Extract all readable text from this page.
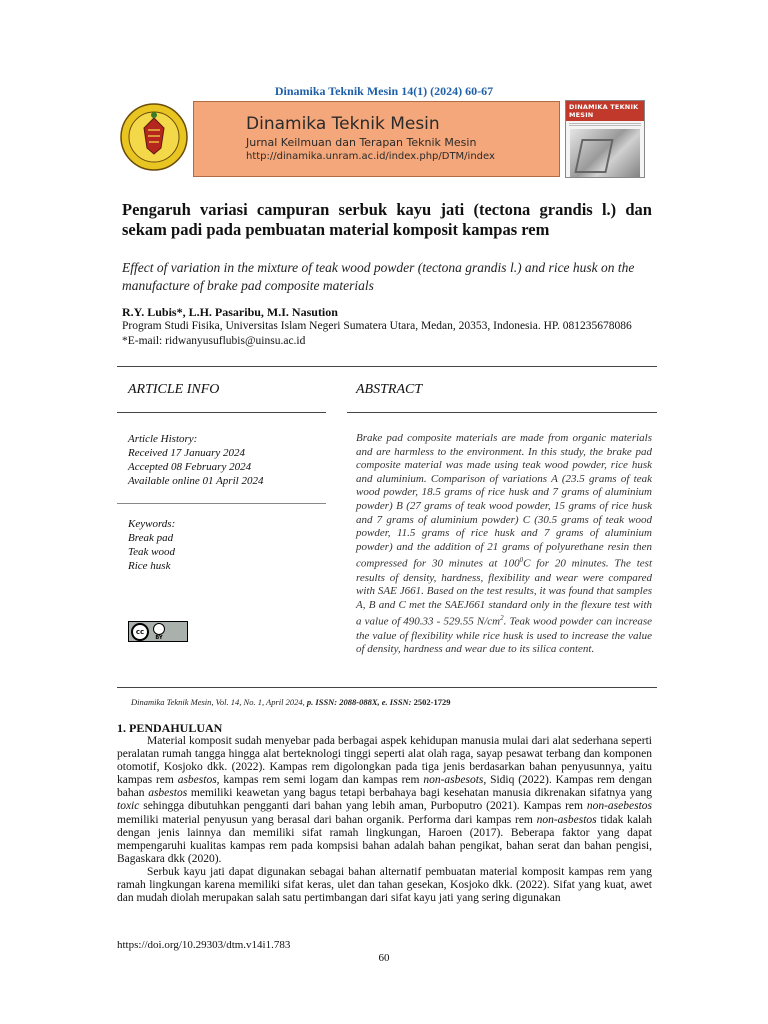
Dinamika Teknik Mesin 14(1) (2024) 60-67
Dinamika Teknik Mesin
Jurnal Keilmuan dan Terapan Teknik Mesin
http://dinamika.unram.ac.id/index.php/DTM/index
DINAMIKA TEKNIK MESIN
Pengaruh variasi campuran serbuk kayu jati (tectona grandis l.) dan sekam padi pada pembuatan material komposit kampas rem
Effect of variation in the mixture of teak wood powder (tectona grandis l.) and rice husk on the manufacture of brake pad composite materials
R.Y. Lubis*, L.H. Pasaribu, M.I. Nasution
Program Studi Fisika, Universitas Islam Negeri Sumatera Utara, Medan, 20353, Indonesia. HP. 081235678086
*E-mail: ridwanyusuflubis@uinsu.ac.id
ARTICLE INFO	ABSTRACT
Article History:
Received 17 January 2024
Accepted 08 February 2024
Available online 01 April 2024
Keywords:
Break pad
Teak wood
Rice husk
cc
BY
Brake pad composite materials are made from organic materials and are harmless to the environment. In this study, the brake pad composite material was made using teak wood powder, rice husk and aluminium. Comparison of variations A (23.5 grams of teak wood powder, 18.5 grams of rice husk and 7 grams of aluminium powder) B (27 grams of teak wood powder, 15 grams of rice husk and 7 grams of aluminium powder) C (30.5 grams of teak wood powder, 11.5 grams of rice husk and 7 grams of aluminium powder) and the addition of 21 grams of polyurethane resin then compressed for 30 minutes at $100^0C$ for 20 minutes. The test results of density, hardness, flexibility and wear were compared with SAE J661. Based on the test results, it was found that samples A, B and C met the SAEJ661 standard only in the flexure test with a value of 490.33 - 529.55 $N/cm^2$. Teak wood powder can increase the value of flexibility while rice husk is used to increase the value of density, hardness and wear due to its silica content.
Dinamika Teknik Mesin, Vol. 14, No. 1, April 2024, p. ISSN: 2088-088X, e. ISSN: 2502-1729
1. PENDAHULUAN

Material komposit sudah menyebar pada berbagai aspek kehidupan manusia mulai dari alat sederhana seperti peralatan rumah tangga hingga alat berteknologi tinggi seperti alat olah raga, sayap pesawat terbang dan komponen otomotif, Kosjoko dkk. (2022). Kampas rem digolongkan pada tiga jenis berdasarkan bahan penyusunnya, yaitu kampas rem asbestos, kampas rem semi logam dan kampas rem non-asbesots, Sidiq (2022). Kampas rem dengan bahan asbestos memiliki keawetan yang bagus tetapi berbahaya bagi kesehatan manusia dikrenakan sifatnya yang toxic sehingga dibutuhkan pengganti dari bahan yang lebih aman, Purboputro (2021). Kampas rem non-asebestos memiliki material penyusun yang berasal dari bahan organik. Performa dari kampas rem non-asbestos tidak kalah dengan jenis lainnya dan memiliki sifat ramah lingkungan, Haroen (2017). Beberapa faktor yang dapat mempengaruhi kualitas kampas rem pada kompsisi bahan adalah bahan pengikat, bahan serat dan bahan pengisi, Bagaskara dkk (2020).

Serbuk kayu jati dapat digunakan sebagai bahan alternatif pembuatan material komposit kampas rem yang ramah lingkungan karena memiliki sifat keras, ulet dan tahan gesekan, Kosjoko dkk. (2022). Sifat yang kuat, awet dan mudah diolah merupakan salah satu pertimbangan dari sifat kayu jati yang sering digunakan

https://doi.org/10.29303/dtm.v14i1.783
60
